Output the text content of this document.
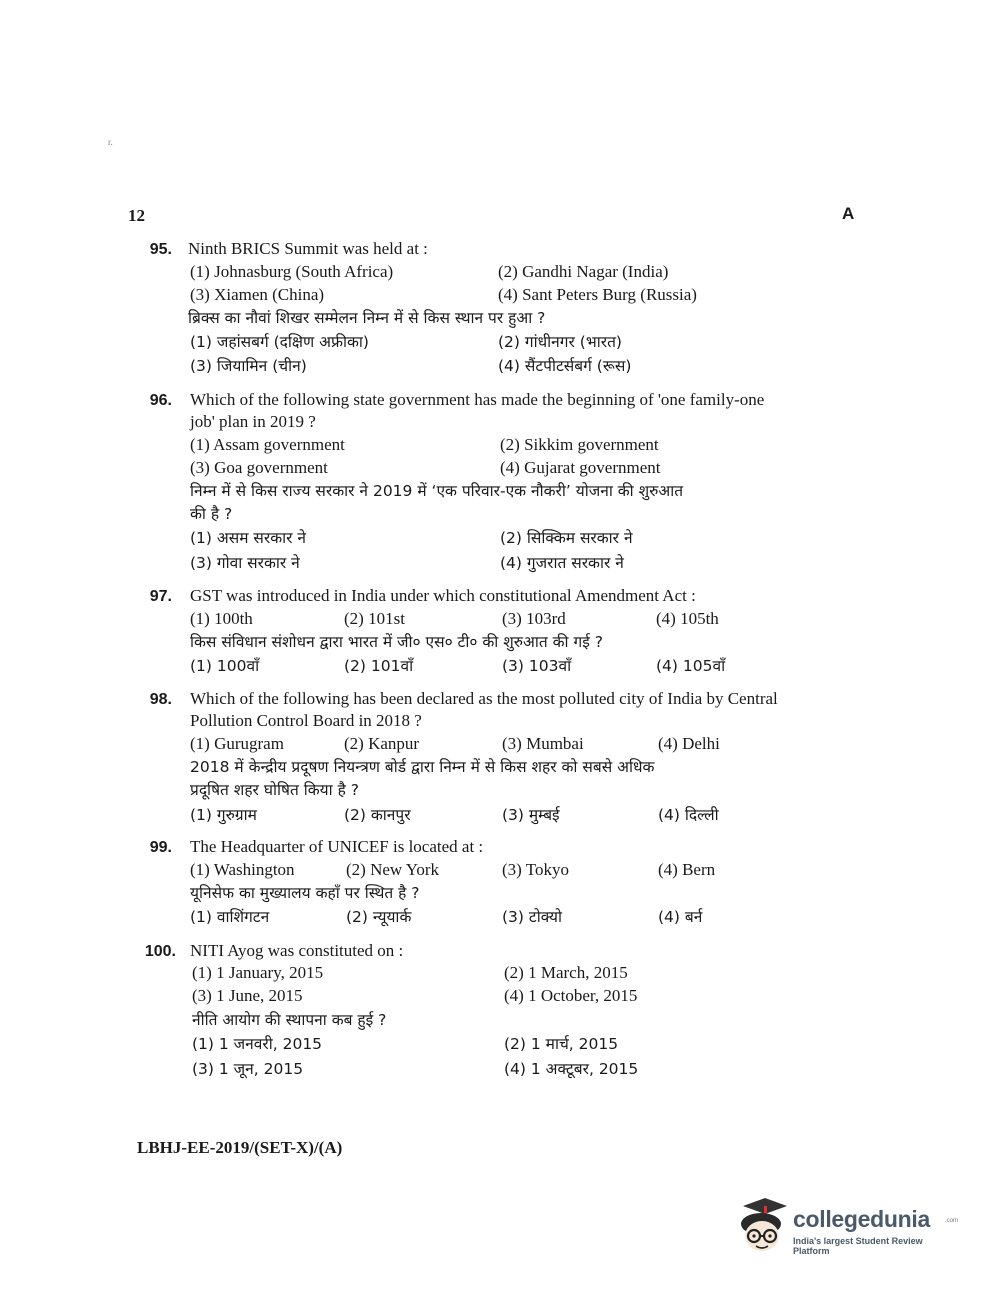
r.
12	A
95. Ninth BRICS Summit was held at :
(1) Johnasburg (South Africa)	(2) Gandhi Nagar (India)
(3) Xiamen (China)	(4) Sant Peters Burg (Russia)
ब्रिक्स का नौवां शिखर सम्मेलन निम्न में से किस स्थान पर हुआ ?
(1) जहांसबर्ग (दक्षिण अफ्रीका)	(2) गांधीनगर (भारत)
(3) जियामिन (चीन)	(4) सैंटपीटर्सबर्ग (रूस)
96. Which of the following state government has made the beginning of 'one family-one
job' plan in 2019 ?
(1) Assam government	(2) Sikkim government
(3) Goa government	(4) Gujarat government
निम्न में से किस राज्य सरकार ने 2019 में ‘एक परिवार-एक नौकरी’ योजना की शुरुआत
की है ?
(1) असम सरकार ने	(2) सिक्किम सरकार ने
(3) गोवा सरकार ने	(4) गुजरात सरकार ने
97. GST was introduced in India under which constitutional Amendment Act :
(1) 100th	(2) 101st	(3) 103rd	(4) 105th
किस संविधान संशोधन द्वारा भारत में जी० एस० टी० की शुरुआत की गई ?
(1) 100वाँ	(2) 101वाँ	(3) 103वाँ	(4) 105वाँ
98. Which of the following has been declared as the most polluted city of India by Central
Pollution Control Board in 2018 ?
(1) Gurugram	(2) Kanpur	(3) Mumbai	(4) Delhi
2018 में केन्द्रीय प्रदूषण नियन्त्रण बोर्ड द्वारा निम्न में से किस शहर को सबसे अधिक
प्रदूषित शहर घोषित किया है ?
(1) गुरुग्राम	(2) कानपुर	(3) मुम्बई	(4) दिल्ली
99. The Headquarter of UNICEF is located at :
(1) Washington	(2) New York	(3) Tokyo	(4) Bern
यूनिसेफ का मुख्यालय कहाँ पर स्थित है ?
(1) वाशिंगटन	(2) न्यूयार्क	(3) टोक्यो	(4) बर्न
100. NITI Ayog was constituted on :
(1) 1 January, 2015	(2) 1 March, 2015
(3) 1 June, 2015	(4) 1 October, 2015
नीति आयोग की स्थापना कब हुई ?
(1) 1 जनवरी, 2015	(2) 1 मार्च, 2015
(3) 1 जून, 2015	(4) 1 अक्टूबर, 2015
LBHJ-EE-2019/(SET-X)/(A)
collegedunia	.com
India's largest Student Review Platform
